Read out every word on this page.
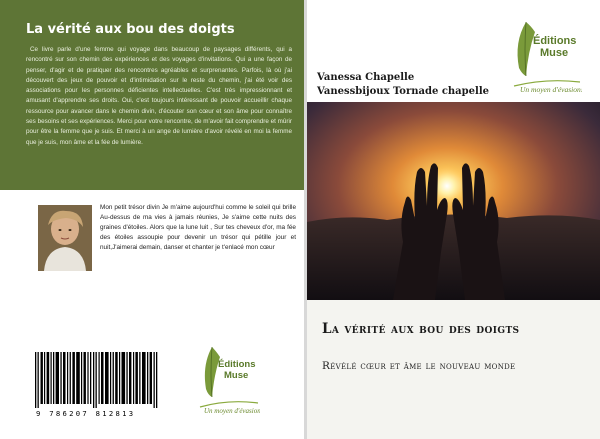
La vérité aux bou des doigts
Ce livre parle d'une femme qui voyage dans beaucoup de paysages différents, qui a rencontré sur son chemin des expériences et des voyages d'invitations. Qui a une façon de penser, d'agir et de pratiquer des rencontres agréables et surprenantes. Parfois, là où j'ai découvert des jeux de pouvoir et d'intimidation sur le reste du chemin, j'ai été voir des associations pour les personnes déficientes intellectuelles. C'est très impressionnant et amusant d'apprendre ses droits. Oui, c'est toujours intéressant de pouvoir accueillir chaque ressource pour avancer dans le chemin divin, d'écouter son cœur et son âme pour connaître ses besoins et ses expériences. Merci pour votre rencontre, de m'avoir fait comprendre et mûrir pour être la femme que je suis. Et merci à un ange de lumière d'avoir révélé en moi la femme que je suis, mon âme et la fée de lumière.
Mon petit trésor divin Je m'aime aujourd'hui comme le soleil qui brille Au-dessus de ma vies à jamais réunies, Je s'aime cette nuits des graines d'étoiles. Alors que la lune luit , Sur tes cheveux d'or, ma fée des étoiles assoupie pour devenir un trésor qui pétille jour et nuit,J'aimerai demain, danser et chanter je t'enlacé mon cœur
9 786207 812813
Éditions
Muse
Un moyen d'évasion!
Vanessa Chapelle
Vanessbijoux Tornade chapelle
Éditions
Muse
Un moyen d'évasion!
La vérité aux bou des doigts
Révélé cœur et âme le nouveau monde
